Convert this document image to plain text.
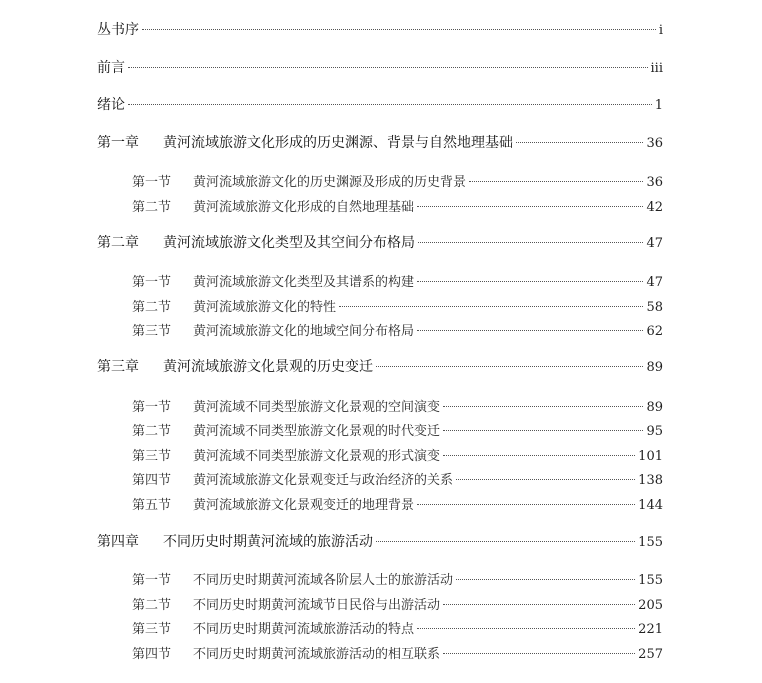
丛书序	i
前言	iii
绪论	1
第一章	黄河流域旅游文化形成的历史渊源、背景与自然地理基础	36
第一节	黄河流域旅游文化的历史渊源及形成的历史背景	36
第二节	黄河流域旅游文化形成的自然地理基础	42
第二章	黄河流域旅游文化类型及其空间分布格局	47
第一节	黄河流域旅游文化类型及其谱系的构建	47
第二节	黄河流域旅游文化的特性	58
第三节	黄河流域旅游文化的地域空间分布格局	62
第三章	黄河流域旅游文化景观的历史变迁	89
第一节	黄河流域不同类型旅游文化景观的空间演变	89
第二节	黄河流域不同类型旅游文化景观的时代变迁	95
第三节	黄河流域不同类型旅游文化景观的形式演变	101
第四节	黄河流域旅游文化景观变迁与政治经济的关系	138
第五节	黄河流域旅游文化景观变迁的地理背景	144
第四章	不同历史时期黄河流域的旅游活动	155
第一节	不同历史时期黄河流域各阶层人士的旅游活动	155
第二节	不同历史时期黄河流域节日民俗与出游活动	205
第三节	不同历史时期黄河流域旅游活动的特点	221
第四节	不同历史时期黄河流域旅游活动的相互联系	257
